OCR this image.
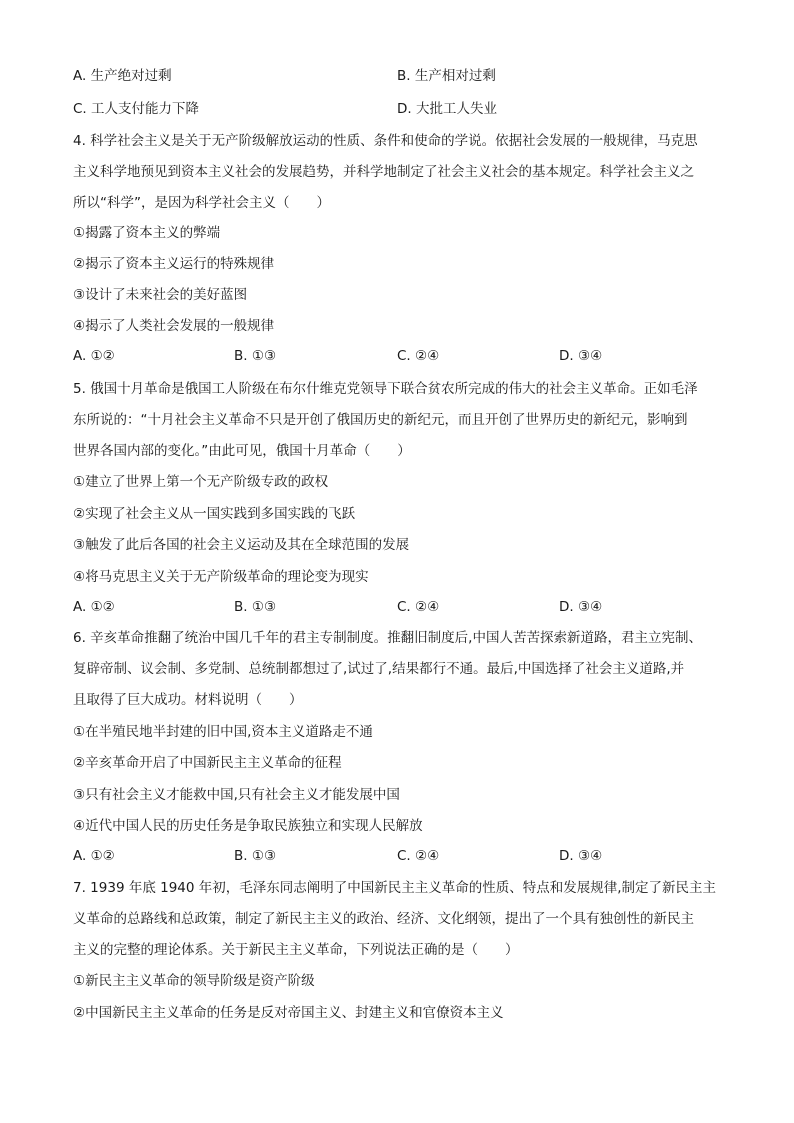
A. 生产绝对过剩	B. 生产相对过剩
C. 工人支付能力下降	D. 大批工人失业
4. 科学社会主义是关于无产阶级解放运动的性质、条件和使命的学说。依据社会发展的一般规律，马克思
主义科学地预见到资本主义社会的发展趋势，并科学地制定了社会主义社会的基本规定。科学社会主义之
所以“科学”，是因为科学社会主义（　　）
①揭露了资本主义的弊端
②揭示了资本主义运行的特殊规律
③设计了未来社会的美好蓝图
④揭示了人类社会发展的一般规律
A. ①②	B. ①③	C. ②④	D. ③④
5. 俄国十月革命是俄国工人阶级在布尔什维克党领导下联合贫农所完成的伟大的社会主义革命。正如毛泽
东所说的：“十月社会主义革命不只是开创了俄国历史的新纪元，而且开创了世界历史的新纪元，影响到
世界各国内部的变化。”由此可见，俄国十月革命（　　）
①建立了世界上第一个无产阶级专政的政权
②实现了社会主义从一国实践到多国实践的飞跃
③触发了此后各国的社会主义运动及其在全球范围的发展
④将马克思主义关于无产阶级革命的理论变为现实
A. ①②	B. ①③	C. ②④	D. ③④
6. 辛亥革命推翻了统治中国几千年的君主专制制度。推翻旧制度后,中国人苦苦探索新道路，君主立宪制、
复辟帝制、议会制、多党制、总统制都想过了,试过了,结果都行不通。最后,中国选择了社会主义道路,并
且取得了巨大成功。材料说明（　　）
①在半殖民地半封建的旧中国,资本主义道路走不通
②辛亥革命开启了中国新民主主义革命的征程
③只有社会主义才能救中国,只有社会主义才能发展中国
④近代中国人民的历史任务是争取民族独立和实现人民解放
A. ①②	B. ①③	C. ②④	D. ③④
7. 1939 年底 1940 年初，毛泽东同志阐明了中国新民主主义革命的性质、特点和发展规律,制定了新民主主
义革命的总路线和总政策，制定了新民主主义的政治、经济、文化纲领，提出了一个具有独创性的新民主
主义的完整的理论体系。关于新民主主义革命，下列说法正确的是（　　）
①新民主主义革命的领导阶级是资产阶级
②中国新民主主义革命的任务是反对帝国主义、封建主义和官僚资本主义
